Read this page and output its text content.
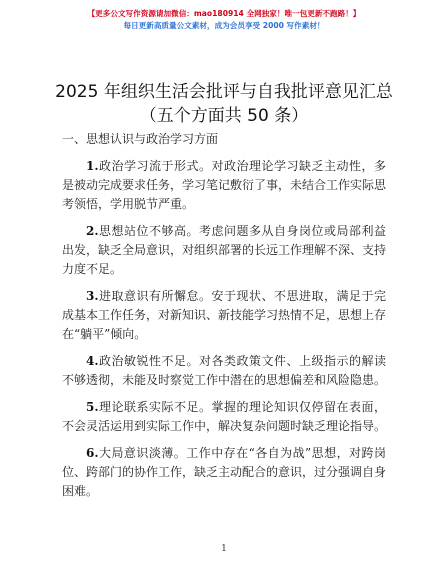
【更多公文写作资源请加微信：mao180914 全网独家！唯一包更新不跑路！】
每日更新高质量公文素材，成为会员享受 2000 写作素材！
2025 年组织生活会批评与自我批评意见汇总
（五个方面共 50 条）

一、思想认识与政治学习方面

1.政治学习流于形式。对政治理论学习缺乏主动性，多是被动完成要求任务，学习笔记敷衍了事，未结合工作实际思考领悟，学用脱节严重。

2.思想站位不够高。考虑问题多从自身岗位或局部利益出发，缺乏全局意识，对组织部署的长远工作理解不深、支持力度不足。

3.进取意识有所懈怠。安于现状、不思进取，满足于完成基本工作任务，对新知识、新技能学习热情不足，思想上存在“躺平”倾向。

4.政治敏锐性不足。对各类政策文件、上级指示的解读不够透彻，未能及时察觉工作中潜在的思想偏差和风险隐患。

5.理论联系实际不足。掌握的理论知识仅停留在表面，不会灵活运用到实际工作中，解决复杂问题时缺乏理论指导。

6.大局意识淡薄。工作中存在“各自为战”思想，对跨岗位、跨部门的协作工作，缺乏主动配合的意识，过分强调自身困难。

1
